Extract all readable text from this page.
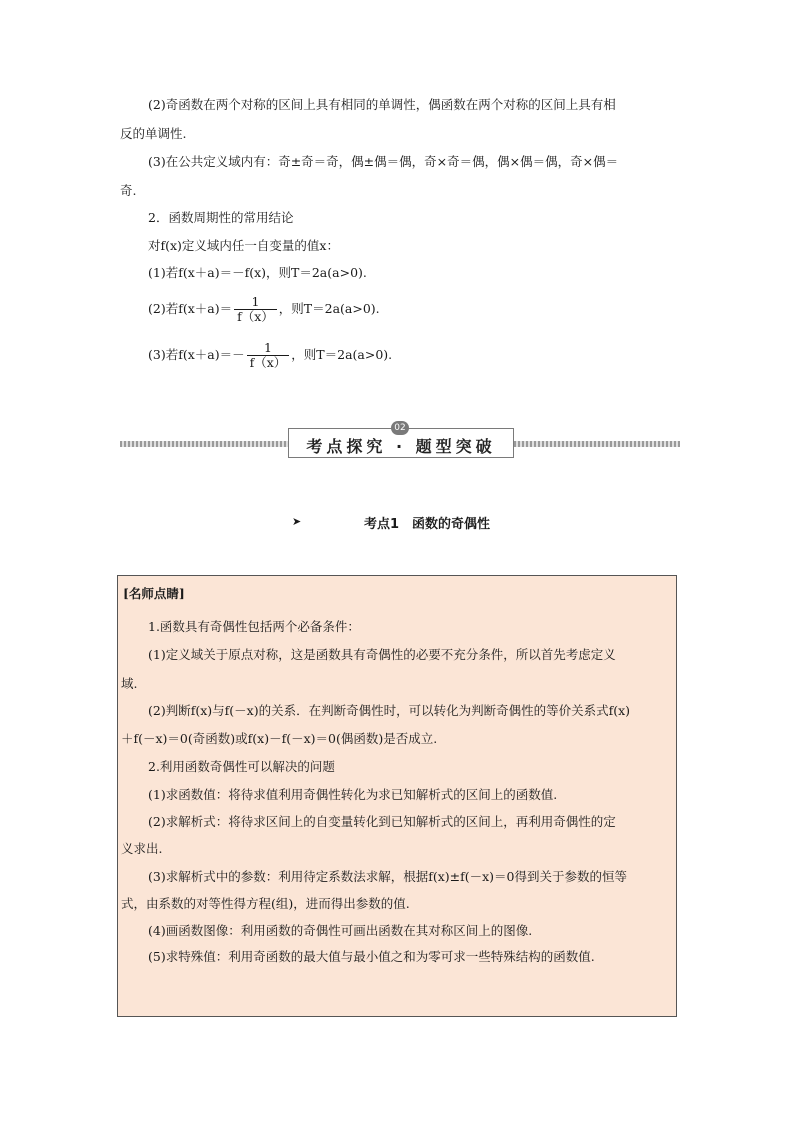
(2)奇函数在两个对称的区间上具有相同的单调性，偶函数在两个对称的区间上具有相
反的单调性.
(3)在公共定义域内有：奇±奇＝奇，偶±偶＝偶，奇×奇＝偶，偶×偶＝偶，奇×偶＝
奇.
2．函数周期性的常用结论
对f(x)定义域内任一自变量的值x：
(1)若f(x＋a)＝－f(x)，则T＝2a(a>0).
(2)若$f(x+a)= \frac{1}{f(x)}$ ，则T＝2a(a>0).
(3)若$f(x+a)=- \frac{1}{f(x)}$ ，则T＝2a(a>0).
考点探究 · 题型突破
02
➤	考点1　函数的奇偶性
[名师点睛]
1.函数具有奇偶性包括两个必备条件：
(1)定义域关于原点对称，这是函数具有奇偶性的必要不充分条件，所以首先考虑定义
域.
(2)判断f(x)与f(－x)的关系．在判断奇偶性时，可以转化为判断奇偶性的等价关系式f(x)
＋f(－x)＝0(奇函数)或f(x)－f(－x)＝0(偶函数)是否成立.
2.利用函数奇偶性可以解决的问题
(1)求函数值：将待求值利用奇偶性转化为求已知解析式的区间上的函数值.
(2)求解析式：将待求区间上的自变量转化到已知解析式的区间上，再利用奇偶性的定
义求出.
(3)求解析式中的参数：利用待定系数法求解，根据f(x)±f(－x)＝0得到关于参数的恒等
式，由系数的对等性得方程(组)，进而得出参数的值.
(4)画函数图像：利用函数的奇偶性可画出函数在其对称区间上的图像.
(5)求特殊值：利用奇函数的最大值与最小值之和为零可求一些特殊结构的函数值.
